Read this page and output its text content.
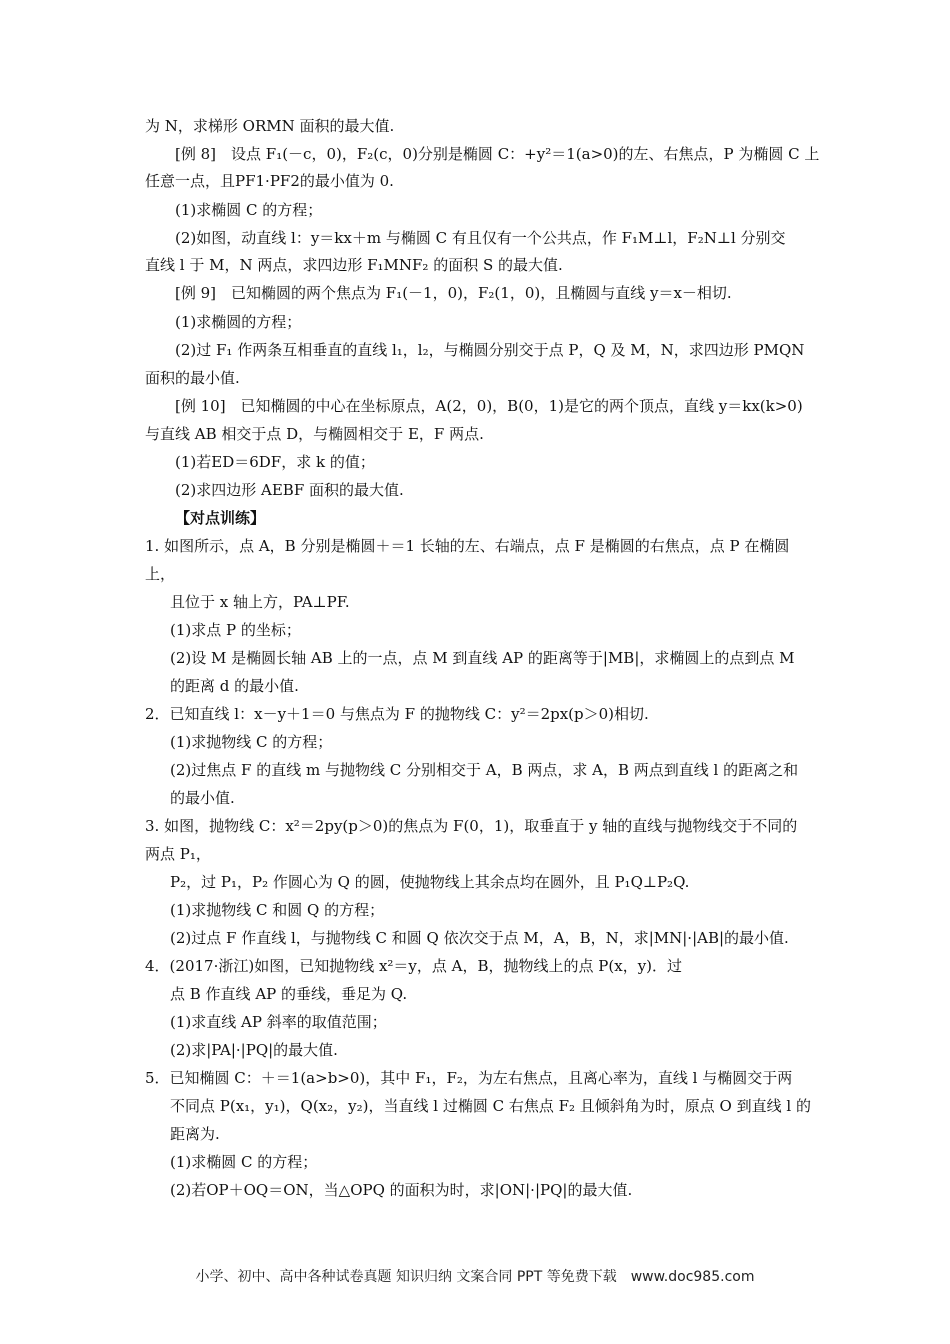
为 N，求梯形 ORMN 面积的最大值.
[例 8]　设点 F₁(－c，0)，F₂(c，0)分别是椭圆 C：+y²＝1(a>0)的左、右焦点，P 为椭圆 C 上
任意一点，且PF1·PF2的最小值为 0.
(1)求椭圆 C 的方程；
(2)如图，动直线 l：y＝kx＋m 与椭圆 C 有且仅有一个公共点，作 F₁M⊥l，F₂N⊥l 分别交
直线 l 于 M，N 两点，求四边形 F₁MNF₂ 的面积 S 的最大值.
[例 9]　已知椭圆的两个焦点为 F₁(－1，0)，F₂(1，0)，且椭圆与直线 y＝x－相切.
(1)求椭圆的方程；
(2)过 F₁ 作两条互相垂直的直线 l₁，l₂，与椭圆分别交于点 P，Q 及 M，N，求四边形 PMQN
面积的最小值.
[例 10]　已知椭圆的中心在坐标原点，A(2，0)，B(0，1)是它的两个顶点，直线 y＝kx(k>0)
与直线 AB 相交于点 D，与椭圆相交于 E，F 两点.
(1)若ED＝6DF，求 k 的值；
(2)求四边形 AEBF 面积的最大值.
【对点训练】
1. 如图所示，点 A，B 分别是椭圆＋＝1 长轴的左、右端点，点 F 是椭圆的右焦点，点 P 在椭圆
上，
且位于 x 轴上方，PA⊥PF.
(1)求点 P 的坐标；
(2)设 M 是椭圆长轴 AB 上的一点，点 M 到直线 AP 的距离等于|MB|，求椭圆上的点到点 M
的距离 d 的最小值.
2．已知直线 l：x－y＋1＝0 与焦点为 F 的抛物线 C：y²＝2px(p＞0)相切.
(1)求抛物线 C 的方程；
(2)过焦点 F 的直线 m 与抛物线 C 分别相交于 A，B 两点，求 A，B 两点到直线 l 的距离之和
的最小值.
3. 如图，抛物线 C：x²＝2py(p＞0)的焦点为 F(0，1)，取垂直于 y 轴的直线与抛物线交于不同的
两点 P₁，
P₂，过 P₁，P₂ 作圆心为 Q 的圆，使抛物线上其余点均在圆外，且 P₁Q⊥P₂Q.
(1)求抛物线 C 和圆 Q 的方程；
(2)过点 F 作直线 l，与抛物线 C 和圆 Q 依次交于点 M，A，B，N，求|MN|·|AB|的最小值.
4．(2017·浙江)如图，已知抛物线 x²＝y，点 A，B，抛物线上的点 P(x，y)．过
点 B 作直线 AP 的垂线，垂足为 Q.
(1)求直线 AP 斜率的取值范围；
(2)求|PA|·|PQ|的最大值.
5．已知椭圆 C：＋＝1(a>b>0)，其中 F₁，F₂，为左右焦点，且离心率为，直线 l 与椭圆交于两
不同点 P(x₁，y₁)，Q(x₂，y₂)，当直线 l 过椭圆 C 右焦点 F₂ 且倾斜角为时，原点 O 到直线 l 的
距离为.
(1)求椭圆 C 的方程；
(2)若OP＋OQ＝ON，当△OPQ 的面积为时，求|ON|·|PQ|的最大值.
小学、初中、高中各种试卷真题 知识归纳 文案合同 PPT 等免费下载　www.doc985.com
